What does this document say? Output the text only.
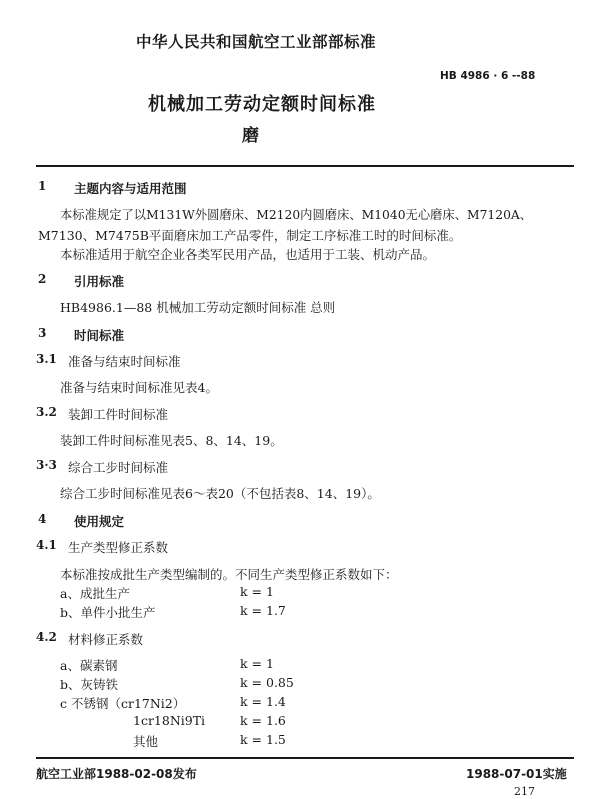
中华人民共和国航空工业部部标准
HB 4986 · 6 --88
机械加工劳动定额时间标准
磨
1 主题内容与适用范围
本标准规定了以M131W外圆磨床、M2120内圆磨床、M1040无心磨床、M7120A、
M7130、M7475B平面磨床加工产品零件，制定工序标准工时的时间标准。
本标准适用于航空企业各类军民用产品，也适用于工装、机动产品。
2 引用标准
HB4986.1—88 机械加工劳动定额时间标准 总则
3 时间标准
3.1 准备与结束时间标准
准备与结束时间标准见表4。
3.2 装卸工件时间标准
装卸工件时间标准见表5、8、14、19。
3·3 综合工步时间标准
综合工步时间标准见表6～表20（不包括表8、14、19）。
4 使用规定
4.1 生产类型修正系数
本标准按成批生产类型编制的。不同生产类型修正系数如下：
a、成批生产	k = 1
b、单件小批生产	k = 1.7
4.2 材料修正系数
a、碳素钢	k = 1
b、灰铸铁	k = 0.85
c 不锈钢（cr17Ni2）	k = 1.4
1cr18Ni9Ti	k = 1.6
其他	k = 1.5
航空工业部1988-02-08发布	1988-07-01实施
217
